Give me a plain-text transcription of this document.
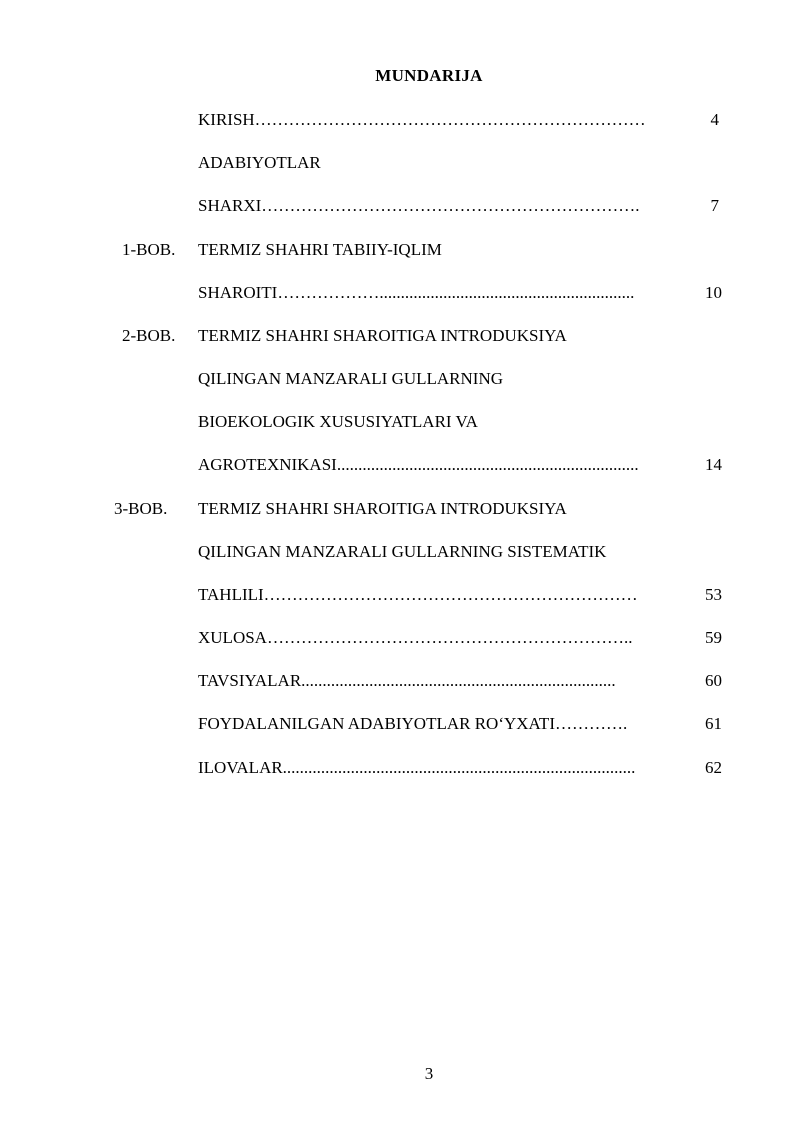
MUNDARIJA
KIRISH……………………………………………………………	4
ADABIYOTLAR
SHARXI………………………………………………………….	7
1-BOB. TERMIZ SHAHRI TABIIY-IQLIM
SHAROITI………………............................................................	10
2-BOB. TERMIZ SHAHRI SHAROITIGA INTRODUKSIYA
QILINGAN MANZARALI GULLARNING
BIOEKOLOGIK XUSUSIYATLARI VA
AGROTEXNIKASI.......................................................................	14
3-BOB. TERMIZ SHAHRI SHAROITIGA INTRODUKSIYA
QILINGAN MANZARALI GULLARNING SISTEMATIK
TAHLILI…………………………………………………………	53
XULOSA………………………………………………………..	59
TAVSIYALAR..........................................................................	60
FOYDALANILGAN ADABIYOTLAR RO‘YXATI………….	61
ILOVALAR...................................................................................	62
3
